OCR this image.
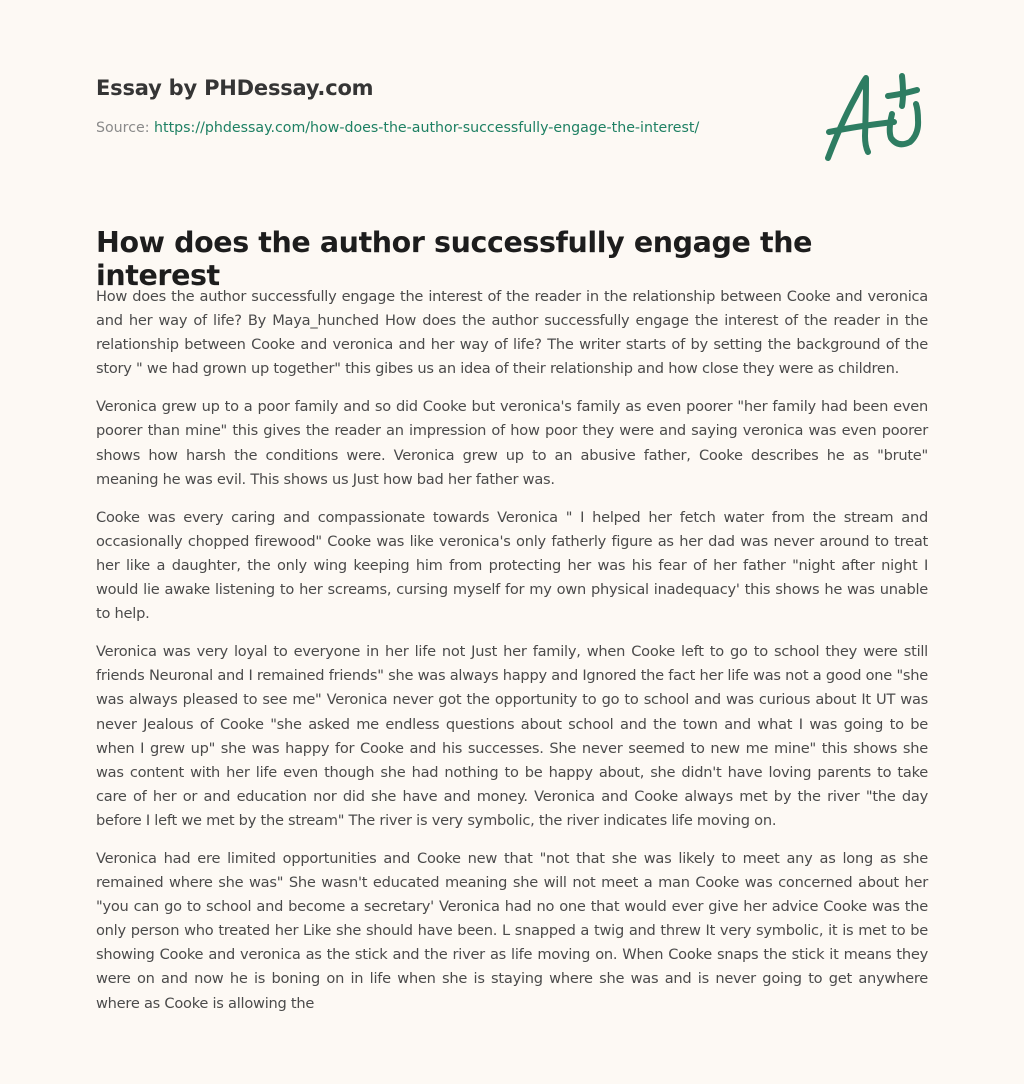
Essay by PHDessay.com
Source: https://phdessay.com/how-does-the-author-successfully-engage-the-interest/
How does the author successfully engage the interest

How does the author successfully engage the interest of the reader in the relationship between Cooke and veronica and her way of life? By Maya_hunched How does the author successfully engage the interest of the reader in the relationship between Cooke and veronica and her way of life? The writer starts of by setting the background of the story " we had grown up together" this gibes us an idea of their relationship and how close they were as children.

Veronica grew up to a poor family and so did Cooke but veronica's family as even poorer "her family had been even poorer than mine" this gives the reader an impression of how poor they were and saying veronica was even poorer shows how harsh the conditions were. Veronica grew up to an abusive father, Cooke describes he as "brute" meaning he was evil. This shows us Just how bad her father was.

Cooke was every caring and compassionate towards Veronica " I helped her fetch water from the stream and occasionally chopped firewood" Cooke was like veronica's only fatherly figure as her dad was never around to treat her like a daughter, the only wing keeping him from protecting her was his fear of her father "night after night I would lie awake listening to her screams, cursing myself for my own physical inadequacy' this shows he was unable to help.

Veronica was very loyal to everyone in her life not Just her family, when Cooke left to go to school they were still friends Neuronal and I remained friends" she was always happy and Ignored the fact her life was not a good one "she was always pleased to see me" Veronica never got the opportunity to go to school and was curious about It UT was never Jealous of Cooke "she asked me endless questions about school and the town and what I was going to be when I grew up" she was happy for Cooke and his successes. She never seemed to new me mine" this shows she was content with her life even though she had nothing to be happy about, she didn't have loving parents to take care of her or and education nor did she have and money. Veronica and Cooke always met by the river "the day before I left we met by the stream" The river is very symbolic, the river indicates life moving on.

Veronica had ere limited opportunities and Cooke new that "not that she was likely to meet any as long as she remained where she was" She wasn't educated meaning she will not meet a man Cooke was concerned about her "you can go to school and become a secretary' Veronica had no one that would ever give her advice Cooke was the only person who treated her Like she should have been. L snapped a twig and threw It very symbolic, it is met to be showing Cooke and veronica as the stick and the river as life moving on. When Cooke snaps the stick it means they were on and now he is boning on in life when she is staying where she was and is never going to get anywhere where as Cooke is allowing the
